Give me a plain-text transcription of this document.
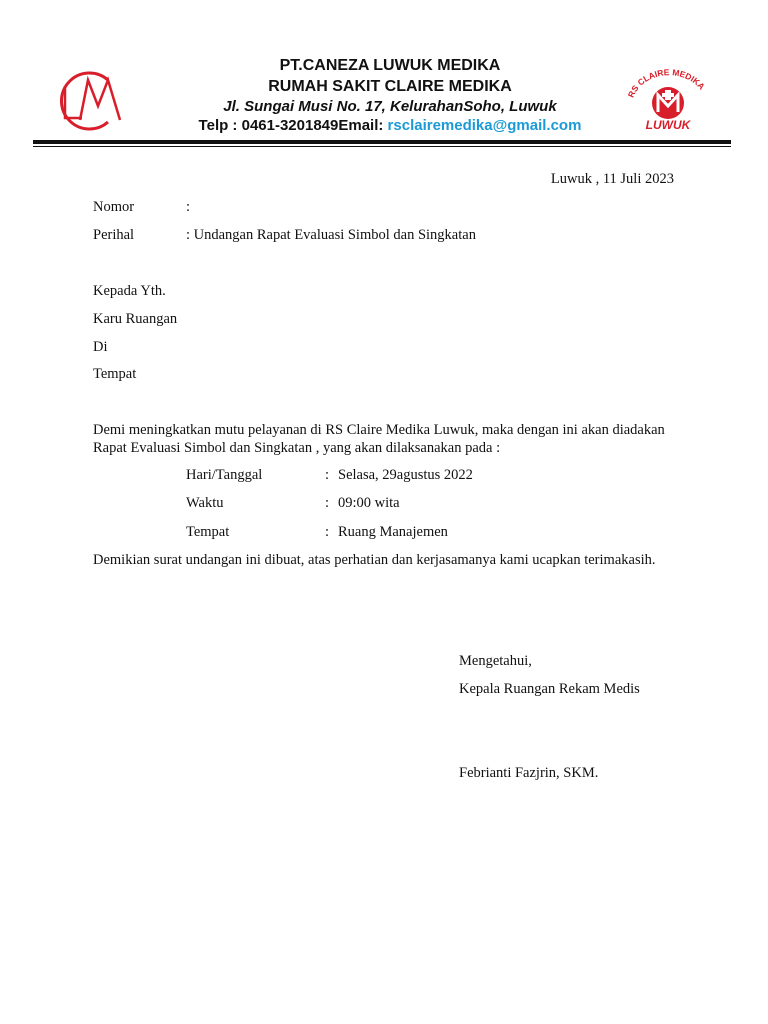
CLM	PT.CANEZA LUWUK MEDIKA
RUMAH SAKIT CLAIRE MEDIKA
Jl. Sungai Musi No. 17, KelurahanSoho, Luwuk
Telp : 0461-3201849Email: rsclairemedika@gmail.com
RS CLAIRE MEDIKA
LUWUK
Luwuk , 11 Juli 2023
Nomor	:
Perihal	: Undangan Rapat Evaluasi Simbol dan Singkatan
Kepada Yth.
Karu Ruangan
Di
Tempat
Demi meningkatkan mutu pelayanan di RS Claire Medika Luwuk, maka dengan ini akan diadakan Rapat Evaluasi Simbol dan Singkatan , yang akan dilaksanakan pada :
Hari/Tanggal	: Selasa, 29agustus 2022
Waktu	: 09:00 wita
Tempat	: Ruang Manajemen
Demikian surat undangan ini dibuat, atas perhatian dan kerjasamanya kami ucapkan terimakasih.
Mengetahui,
Kepala Ruangan Rekam Medis
Febrianti Fazjrin, SKM.
